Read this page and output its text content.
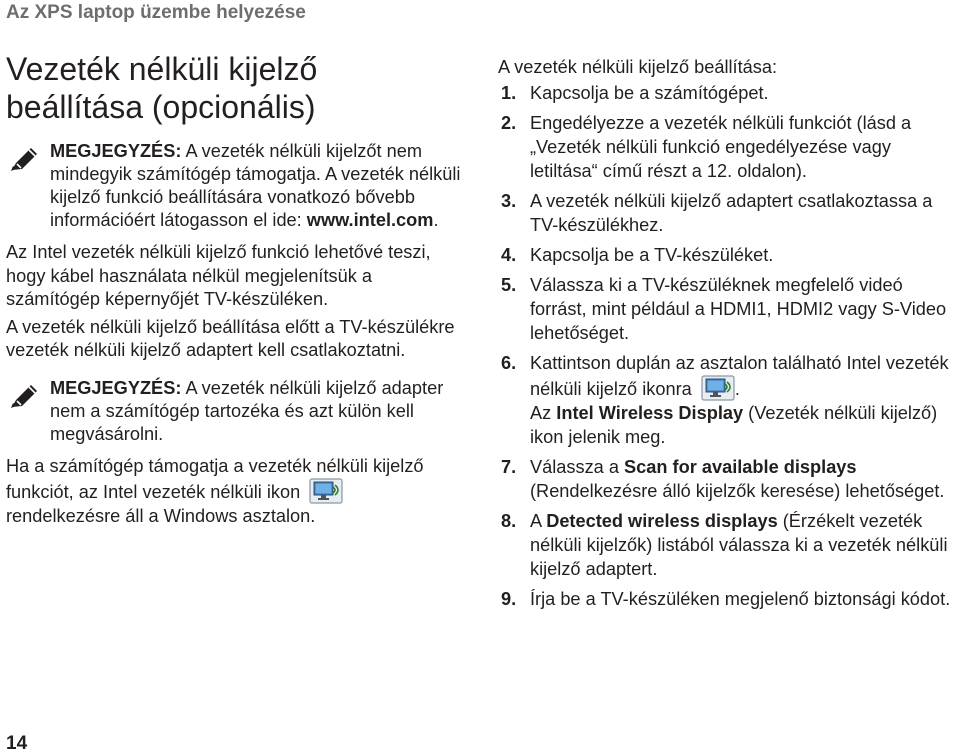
Az XPS laptop üzembe helyezése
Vezeték nélküli kijelző
beállítása (opcionális)
MEGJEGYZÉS: A vezeték nélküli kijelzőt nem mindegyik számítógép támogatja. A vezeték nélküli kijelző funkció beállítására vonatkozó bővebb információért látogasson el ide: www.intel.com.

Az Intel vezeték nélküli kijelző funkció lehetővé teszi, hogy kábel használata nélkül megjelenítsük a számítógép képernyőjét TV-készüléken.

A vezeték nélküli kijelző beállítása előtt a TV-készülékre vezeték nélküli kijelző adaptert kell csatlakoztatni.

MEGJEGYZÉS: A vezeték nélküli kijelző adapter nem a számítógép tartozéka és azt külön kell megvásárolni.

Ha a számítógép támogatja a vezeték nélküli kijelző funkciót, az Intel vezeték nélküli ikon
rendelkezésre áll a Windows asztalon.

A vezeték nélküli kijelző beállítása:

1. Kapcsolja be a számítógépet.
2. Engedélyezze a vezeték nélküli funkciót (lásd a „Vezeték nélküli funkció engedélyezése vagy letiltása“ című részt a 12. oldalon).
3. A vezeték nélküli kijelző adaptert csatlakoztassa a TV-készülékhez.
4. Kapcsolja be a TV-készüléket.
5. Válassza ki a TV-készüléknek megfelelő videó forrást, mint például a HDMI1, HDMI2 vagy S-Video lehetőséget.
6. Kattintson duplán az asztalon található Intel vezeték nélküli kijelző ikonra .
Az Intel Wireless Display (Vezeték nélküli kijelző) ikon jelenik meg.
7. Válassza a Scan for available displays (Rendelkezésre álló kijelzők keresése) lehetőséget.
8. A Detected wireless displays (Érzékelt vezeték nélküli kijelzők) listából válassza ki a vezeték nélküli kijelző adaptert.
9. Írja be a TV-készüléken megjelenő biztonsági kódot.
14
